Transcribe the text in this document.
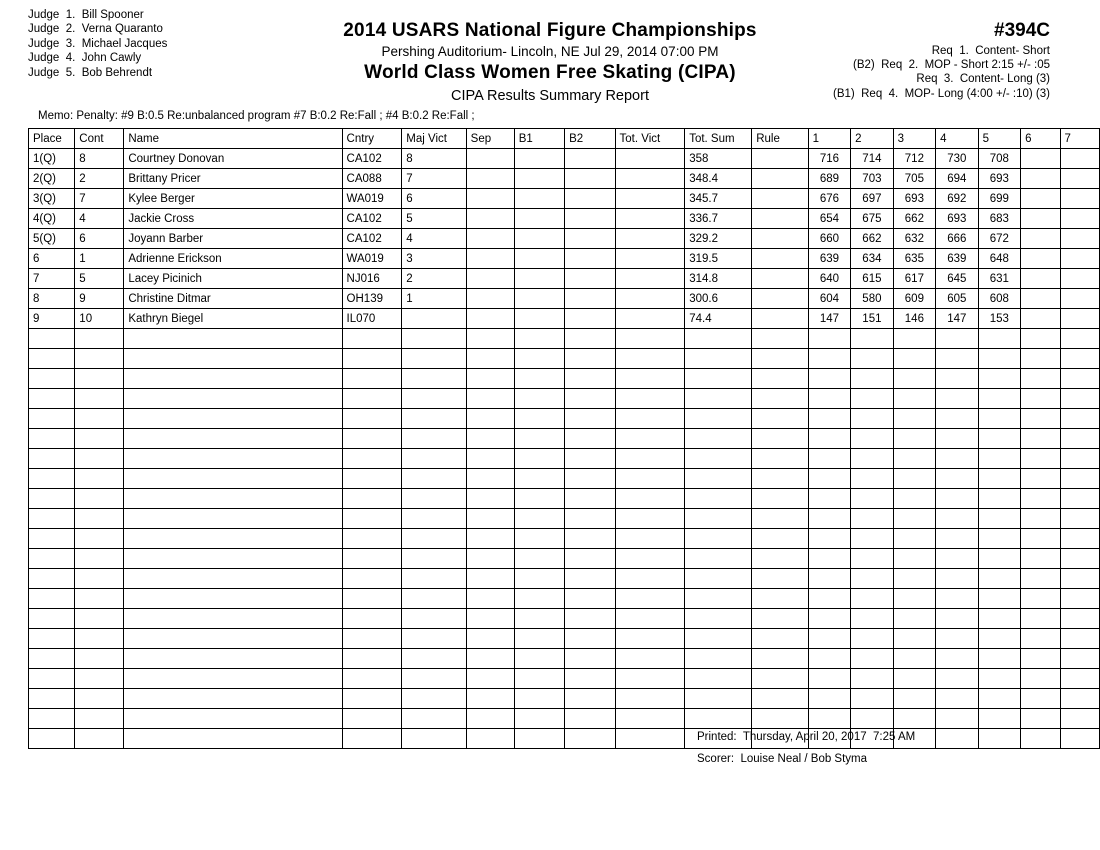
Judge  1.  Bill Spooner
Judge  2.  Verna Quaranto
Judge  3.  Michael Jacques
Judge  4.  John Cawly
Judge  5.  Bob Behrendt
2014 USARS National Figure Championships
Pershing Auditorium- Lincoln, NE Jul 29, 2014 07:00 PM
World Class Women Free Skating (CIPA)
CIPA Results Summary Report
#394C
Req  1.  Content- Short
(B2)  Req  2.  MOP - Short 2:15 +/- :05
Req  3.  Content- Long (3)
(B1)  Req  4.  MOP- Long (4:00 +/- :10) (3)
Memo: Penalty: #9 B:0.5 Re:unbalanced program #7 B:0.2 Re:Fall ; #4 B:0.2 Re:Fall ;
Place	Cont	Name	Cntry	Maj Vict	Sep	B1	B2	Tot. Vict	Tot. Sum	Rule	1	2	3	4	5	6	7
1(Q)	8	Courtney Donovan	CA102	8					358		716	714	712	730	708		
2(Q)	2	Brittany Pricer	CA088	7					348.4		689	703	705	694	693		
3(Q)	7	Kylee Berger	WA019	6					345.7		676	697	693	692	699		
4(Q)	4	Jackie Cross	CA102	5					336.7		654	675	662	693	683		
5(Q)	6	Joyann Barber	CA102	4					329.2		660	662	632	666	672		
6	1	Adrienne Erickson	WA019	3					319.5		639	634	635	639	648		
7	5	Lacey Picinich	NJ016	2					314.8		640	615	617	645	631		
8	9	Christine Ditmar	OH139	1					300.6		604	580	609	605	608		
9	10	Kathryn Biegel	IL070						74.4		147	151	146	147	153		

Printed:  Thursday, April 20, 2017  7:25 AM
Scorer:  Louise Neal / Bob Styma
